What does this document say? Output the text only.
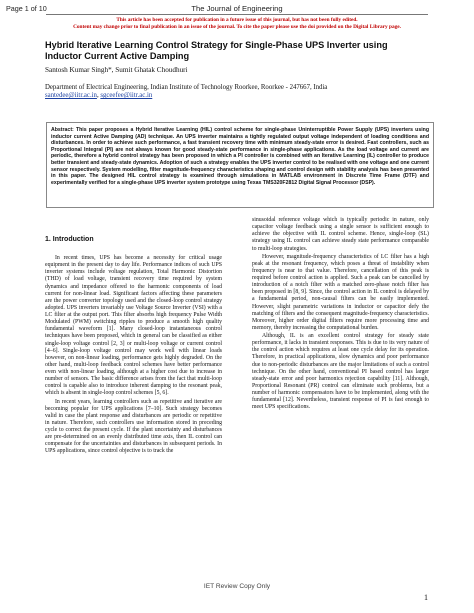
Page 1 of 10	The Journal of Engineering
This article has been accepted for publication in a future issue of this journal, but has not been fully edited.
Content may change prior to final publication in an issue of the journal. To cite the paper please use the doi provided on the Digital Library page.
Hybrid Iterative Learning Control Strategy for Single-Phase UPS Inverter using Inductor Current Active Damping
Santosh Kumar Singh*, Sumit Ghatak Choudhuri
Department of Electrical Engineering, Indian Institute of Technology Roorkee, Roorkee - 247667, India
santedee@iitr.ac.in, sgceefee@iitr.ac.in
Abstract: This paper proposes a Hybrid Iterative Learning (HIL) control scheme for single-phase Uninterruptible Power Supply (UPS) inverters using inductor current Active Damping (AD) technique. An UPS inverter maintains a tightly regulated output voltage independent of loading conditions and disturbances. In order to achieve such performance, a fast transient recovery time with minimum steady-state error is desired. Fast controllers, such as Proportional Integral (PI) are not always known for good steady-state performance in single-phase applications. As the load voltage and current are periodic, therefore a hybrid control strategy has been proposed in which a PI controller is combined with an Iterative Learning (IL) controller to produce better transient and steady-state dynamics. Adoption of such a strategy enables the UPS inverter control to be realised with one voltage and one current sensor respectively. System modelling, filter magnitude-frequency characteristics shaping and control design with stability analysis has been presented in this paper. The designed HIL control strategy is examined through simulations in MATLAB environment in Discrete Time Frame (DTF) and experimentally verified for a single-phase UPS inverter system prototype using Texas TMS320F2812 Digital Signal Processor (DSP).
1. Introduction

In recent times, UPS has become a necessity for critical usage equipment in the present day to day life. Performance indices of such UPS inverter systems include voltage regulation, Total Harmonic Distortion (THD) of load voltage, transient recovery time required by system dynamics and impedance offered to the harmonic components of load current for non-linear load. Significant factors affecting these parameters are the power converter topology used and the closed-loop control strategy adopted. UPS inverters invariably use Voltage Source Inverter (VSI) with a LC filter at the output port. This filter absorbs high frequency Pulse Width Modulated (PWM) switching ripples to produce a smooth high quality fundamental waveform [1]. Many closed-loop instantaneous control techniques have been proposed, which in general can be classified as either single-loop voltage control [2, 3] or multi-loop voltage or current control [4–6]. Single-loop voltage control may work well with linear loads however, on non-linear loading, performance gets highly degraded. On the other hand, multi-loop feedback control schemes have better performance even with non-linear loading, although at a higher cost due to increase in number of sensors. The basic difference arises from the fact that multi-loop control is capable also to introduce inherent damping to the resonant peak, which is absent in single-loop control schemes [5, 6].

In recent years, learning controllers such as repetitive and iterative are becoming popular for UPS applications [7–10]. Such strategy becomes valid in case the plant response and disturbances are periodic or repetitive in nature. Therefore, such controllers use information stored in preceding cycle to correct the present cycle. If the plant uncertainty and disturbances are pre-determined on an evenly distributed time axis, then IL control can compensate for the uncertainties and disturbances in subsequent periods. In UPS applications, since control objective is to track the

sinusoidal reference voltage which is typically periodic in nature, only capacitor voltage feedback using a single sensor is sufficient enough to achieve the objective with IL control scheme. Hence, single-loop (SL) strategy using IL control can achieve steady state performance comparable to multi-loop strategies.

However, magnitude-frequency characteristics of LC filter has a high peak at the resonant frequency, which poses a threat of instability when frequency is near to that value. Therefore, cancellation of this peak is required before control action is applied. Such a peak can be cancelled by introduction of a notch filter with a matched zero-phase notch filter has been proposed in [8, 9]. Since, the control action in IL control is delayed by a fundamental period, non-causal filters can be easily implemented. However, slight parametric variations in inductor or capacitor defy the matching of filters and the consequent magnitude-frequency characteristics. Moreover, higher order digital filters require more processing time and memory, thereby increasing the computational burden.

Although, IL is an excellent control strategy for steady state performance, it lacks in transient responses. This is due to its very nature of the control action which requires at least one cycle delay for its operation. Therefore, in practical applications, slow dynamics and poor performance due to non-periodic disturbances are the major limitations of such a control technique. On the other hand, conventional PI based control has larger steady-state error and poor harmonics rejection capability [11]. Although, Proportional Resonant (PR) control can eliminate such problems, but a number of harmonic compensators have to be implemented, along with the fundamental [12]. Nevertheless, transient response of PI is fast enough to meet UPS specifications.

IET Review Copy Only
1
